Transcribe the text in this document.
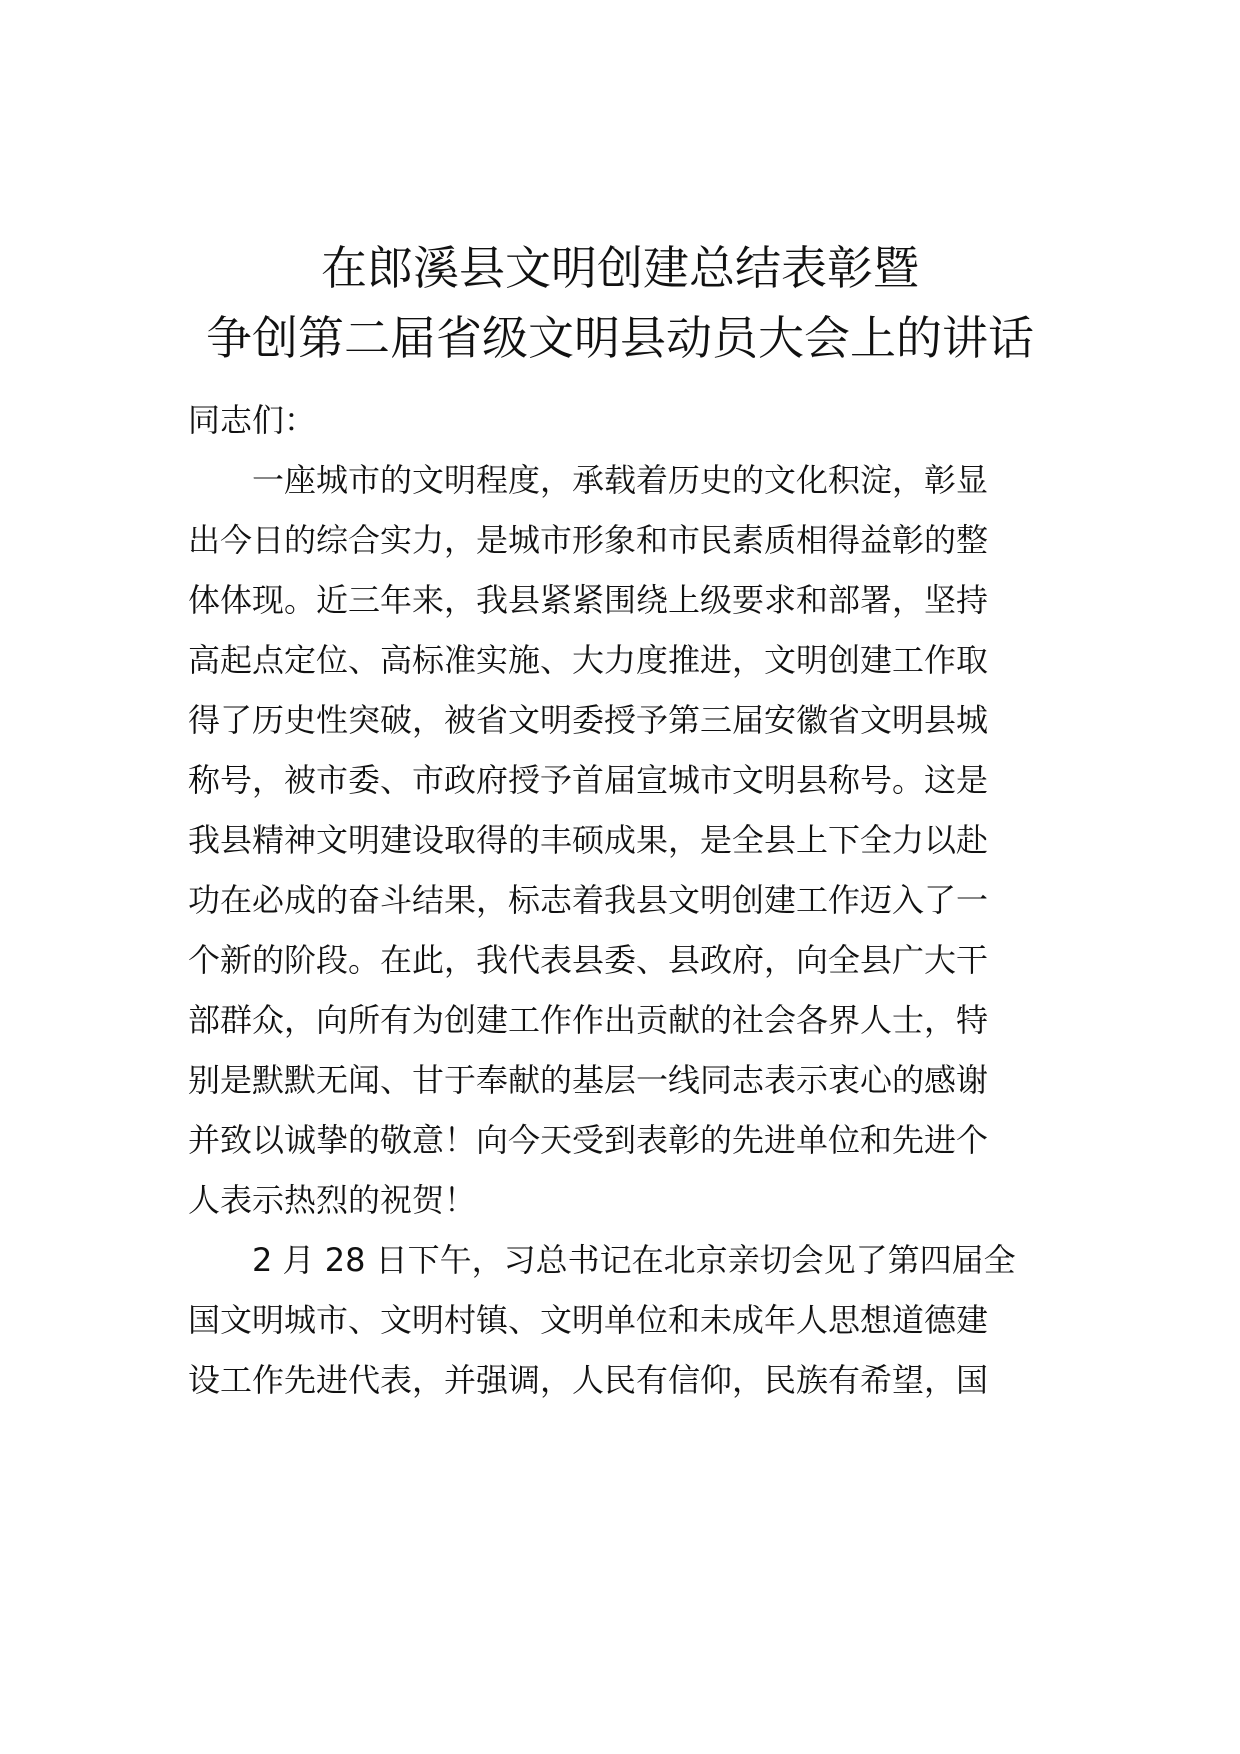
在郎溪县文明创建总结表彰暨
争创第二届省级文明县动员大会上的讲话
同志们：
　　一座城市的文明程度，承载着历史的文化积淀，彰显
出今日的综合实力，是城市形象和市民素质相得益彰的整
体体现。近三年来，我县紧紧围绕上级要求和部署，坚持
高起点定位、高标准实施、大力度推进，文明创建工作取
得了历史性突破，被省文明委授予第三届安徽省文明县城
称号，被市委、市政府授予首届宣城市文明县称号。这是
我县精神文明建设取得的丰硕成果，是全县上下全力以赴
功在必成的奋斗结果，标志着我县文明创建工作迈入了一
个新的阶段。在此，我代表县委、县政府，向全县广大干
部群众，向所有为创建工作作出贡献的社会各界人士，特
别是默默无闻、甘于奉献的基层一线同志表示衷心的感谢
并致以诚挚的敬意！向今天受到表彰的先进单位和先进个
人表示热烈的祝贺！
　　2 月 28 日下午，习总书记在北京亲切会见了第四届全
国文明城市、文明村镇、文明单位和未成年人思想道德建
设工作先进代表，并强调，人民有信仰，民族有希望，国
